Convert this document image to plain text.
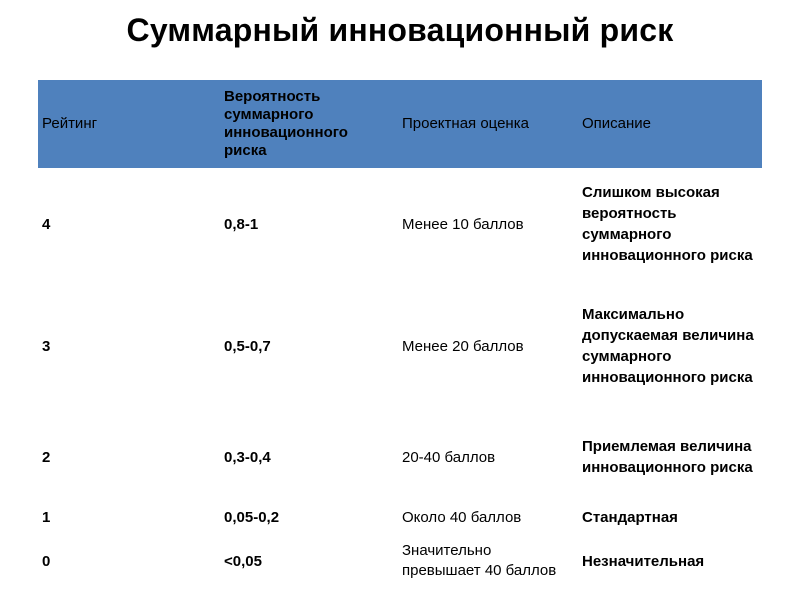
Суммарный инновационный риск
Рейтинг	Вероятность суммарного инновационного риска	Проектная оценка	Описание
4	0,8-1	Менее 10 баллов	Слишком высокая вероятность суммарного инновационного риска
3	0,5-0,7	Менее 20 баллов	Максимально допускаемая величина суммарного инновационного риска
2	0,3-0,4	20-40 баллов	Приемлемая величина инновационного риска
1	0,05-0,2	Около 40 баллов	Стандартная
0	<0,05	Значительно превышает 40 баллов	Незначительная
